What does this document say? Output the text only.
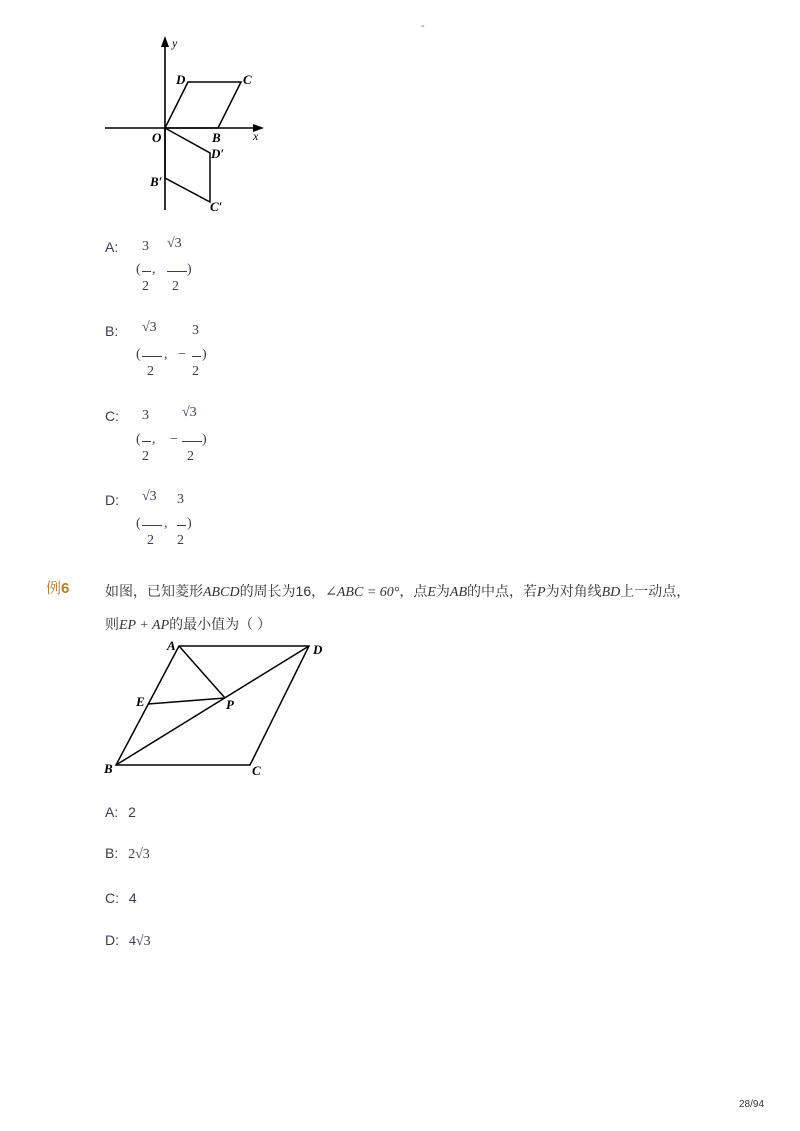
-
y
x
O	B
C
D
D′
B′
C′
A:
(
3
2
,
√3
2
)
B:
(
√3
2
, −
3
2
)
C:
(
3
2
, −
√3
2
)
D:
(
√3
2
,
3
2
)
例6	如图，已知菱形ABCD的周长为16，∠ABC = 60°，点E为AB的中点，若P为对角线BD上一动点，
则EP + AP的最小值为（ ）
A	D
E	P
B	C
A: 2
B: 2√3
C: 4
D: 4√3
28/94
